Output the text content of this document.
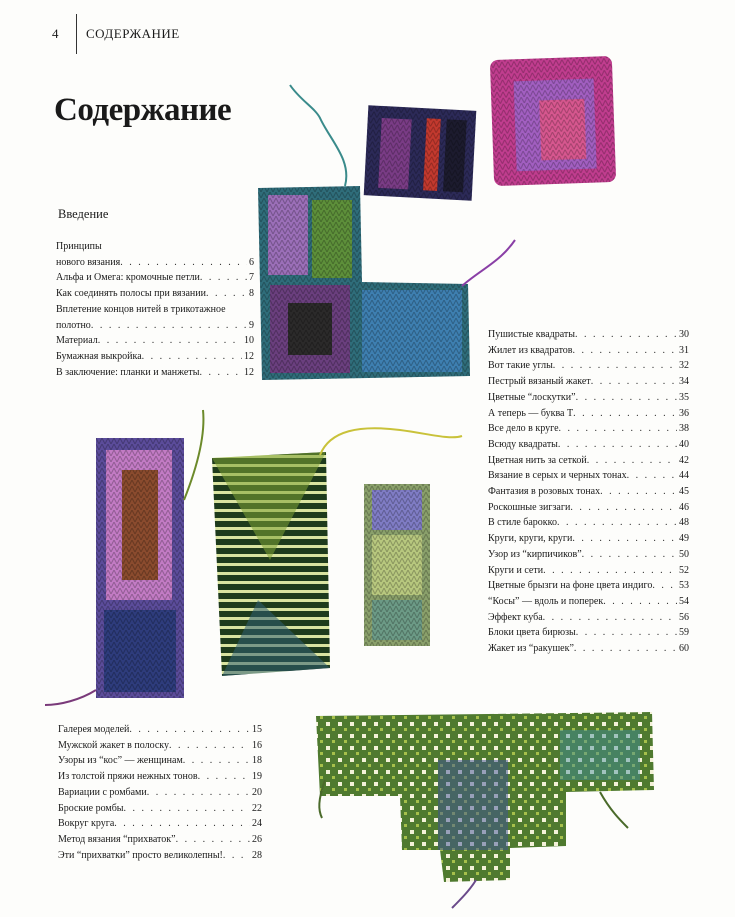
4 СОДЕРЖАНИЕ
Содержание
Введение
Принципы
нового вязания . . .	6
Альфа и Омега: кромочные петли . . .	7
Как соединять полосы при вязании . . .	8
Вплетение концов нитей в трикотажное
полотно . . .	9
Материал . . .	10
Бумажная выкройка . . .	12
В заключение: планки и манжеты . . .	12
Пушистые квадраты . . .	30
Жилет из квадратов . . .	31
Вот такие углы . . .	32
Пестрый вязаный жакет . . .	34
Цветные “лоскутки” . . .	35
А теперь — буква Т . . .	36
Все дело в круге . . .	38
Всюду квадраты . . .	40
Цветная нить за сеткой . . .	42
Вязание в серых и черных тонах . . .	44
Фантазия в розовых тонах . . .	45
Роскошные зигзаги . . .	46
В стиле барокко . . .	48
Круги, круги, круги . . .	49
Узор из “кирпичиков” . . .	50
Круги и сети . . .	52
Цветные брызги на фоне цвета индиго . . .	53
“Косы” — вдоль и поперек . . .	54
Эффект куба . . .	56
Блоки цвета бирюзы . . .	59
Жакет из “ракушек” . . .	60
Галерея моделей . . .	15
Мужской жакет в полоску . . .	16
Узоры из “кос” — женщинам . . .	18
Из толстой пряжи нежных тонов . . .	19
Вариации с ромбами . . .	20
Броские ромбы . . .	22
Вокруг круга . . .	24
Метод вязания “прихваток” . . .	26
Эти “прихватки” просто великолепны! . . .	28
